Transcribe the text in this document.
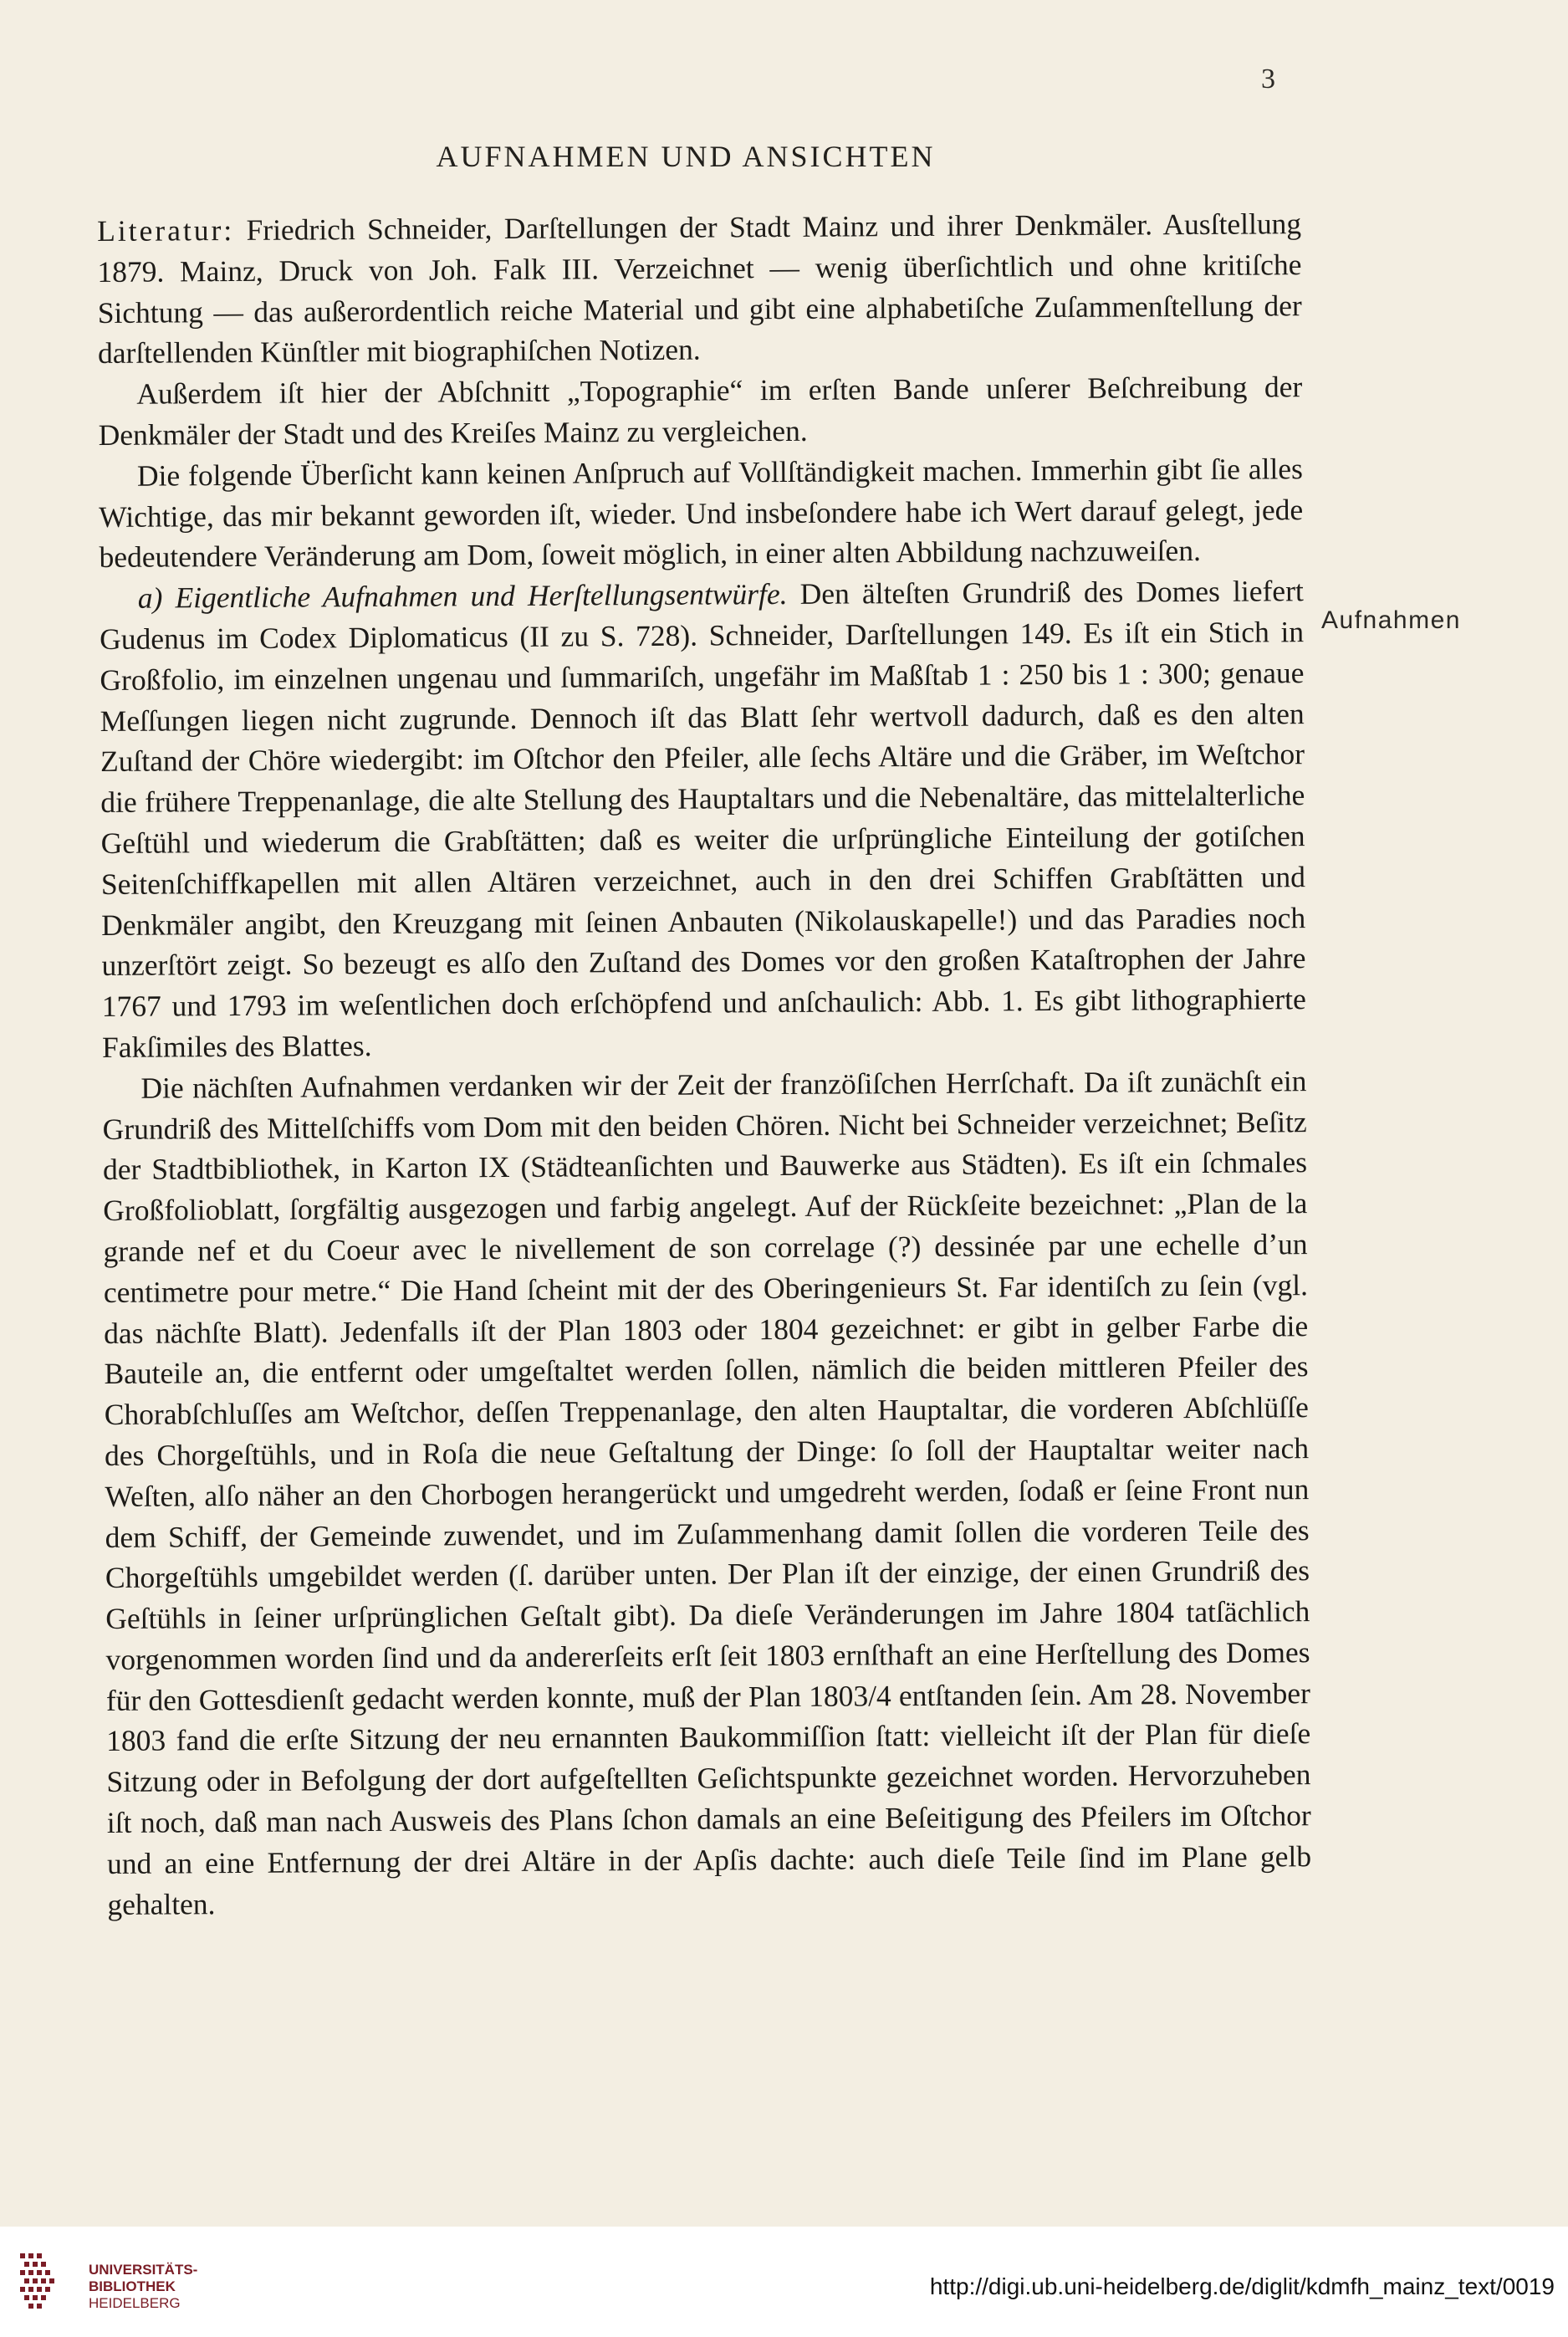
3
AUFNAHMEN UND ANSICHTEN

Literatur: Friedrich Schneider, Darſtellungen der Stadt Mainz und ihrer Denkmäler. Ausſtellung 1879. Mainz, Druck von Joh. Falk III. Verzeichnet — wenig überſichtlich und ohne kritiſche Sichtung — das außerordentlich reiche Material und gibt eine alphabetiſche Zuſammenſtellung der darſtellenden Künſtler mit biographiſchen Notizen.

Außerdem iſt hier der Abſchnitt „Topographie“ im erſten Bande unſerer Beſchreibung der Denkmäler der Stadt und des Kreiſes Mainz zu vergleichen.

Die folgende Überſicht kann keinen Anſpruch auf Vollſtändigkeit machen. Immerhin gibt ſie alles Wichtige, das mir bekannt geworden iſt, wieder. Und insbeſondere habe ich Wert darauf gelegt, jede bedeutendere Veränderung am Dom, ſoweit möglich, in einer alten Abbildung nachzuweiſen.

a) Eigentliche Aufnahmen und Herſtellungsentwürfe. Den älteſten Grundriß des Domes liefert Gudenus im Codex Diplomaticus (II zu S. 728). Schneider, Darſtellungen 149. Es iſt ein Stich in Großfolio, im einzelnen ungenau und ſummariſch, ungefähr im Maßſtab 1 : 250 bis 1 : 300; genaue Meſſungen liegen nicht zugrunde. Dennoch iſt das Blatt ſehr wertvoll dadurch, daß es den alten Zuſtand der Chöre wiedergibt: im Oſtchor den Pfeiler, alle ſechs Altäre und die Gräber, im Weſtchor die frühere Treppenanlage, die alte Stellung des Hauptaltars und die Nebenaltäre, das mittelalterliche Geſtühl und wiederum die Grabſtätten; daß es weiter die urſprüngliche Einteilung der gotiſchen Seitenſchiffkapellen mit allen Altären verzeichnet, auch in den drei Schiffen Grabſtätten und Denkmäler angibt, den Kreuzgang mit ſeinen Anbauten (Nikolauskapelle!) und das Paradies noch unzerſtört zeigt. So bezeugt es alſo den Zuſtand des Domes vor den großen Kataſtrophen der Jahre 1767 und 1793 im weſentlichen doch erſchöpfend und anſchaulich: Abb. 1. Es gibt lithographierte Fakſimiles des Blattes.

Die nächſten Aufnahmen verdanken wir der Zeit der franzöſiſchen Herrſchaft. Da iſt zunächſt ein Grundriß des Mittelſchiffs vom Dom mit den beiden Chören. Nicht bei Schneider verzeichnet; Beſitz der Stadtbibliothek, in Karton IX (Städteanſichten und Bauwerke aus Städten). Es iſt ein ſchmales Großfolioblatt, ſorgfältig ausgezogen und farbig angelegt. Auf der Rückſeite bezeichnet: „Plan de la grande nef et du Coeur avec le nivellement de son correlage (?) dessinée par une echelle d’un centimetre pour metre.“ Die Hand ſcheint mit der des Oberingenieurs St. Far identiſch zu ſein (vgl. das nächſte Blatt). Jedenfalls iſt der Plan 1803 oder 1804 gezeichnet: er gibt in gelber Farbe die Bauteile an, die entfernt oder umgeſtaltet werden ſollen, nämlich die beiden mittleren Pfeiler des Chorabſchluſſes am Weſtchor, deſſen Treppenanlage, den alten Hauptaltar, die vorderen Abſchlüſſe des Chorgeſtühls, und in Roſa die neue Geſtaltung der Dinge: ſo ſoll der Hauptaltar weiter nach Weſten, alſo näher an den Chorbogen herangerückt und umgedreht werden, ſodaß er ſeine Front nun dem Schiff, der Gemeinde zuwendet, und im Zuſammenhang damit ſollen die vorderen Teile des Chorgeſtühls umgebildet werden (ſ. darüber unten. Der Plan iſt der einzige, der einen Grundriß des Geſtühls in ſeiner urſprünglichen Geſtalt gibt). Da dieſe Veränderungen im Jahre 1804 tatſächlich vorgenommen worden ſind und da andererſeits erſt ſeit 1803 ernſthaft an eine Herſtellung des Domes für den Gottesdienſt gedacht werden konnte, muß der Plan 1803/4 entſtanden ſein. Am 28. November 1803 fand die erſte Sitzung der neu ernannten Baukommiſſion ſtatt: vielleicht iſt der Plan für dieſe Sitzung oder in Befolgung der dort aufgeſtellten Geſichtspunkte gezeichnet worden. Hervorzuheben iſt noch, daß man nach Ausweis des Plans ſchon damals an eine Beſeitigung des Pfeilers im Oſtchor und an eine Entfernung der drei Altäre in der Apſis dachte: auch dieſe Teile ſind im Plane gelb gehalten.

Aufnahmen
UNIVERSITÄTS-
BIBLIOTHEK
HEIDELBERG
http://digi.ub.uni-heidelberg.de/diglit/kdmfh_mainz_text/0019
